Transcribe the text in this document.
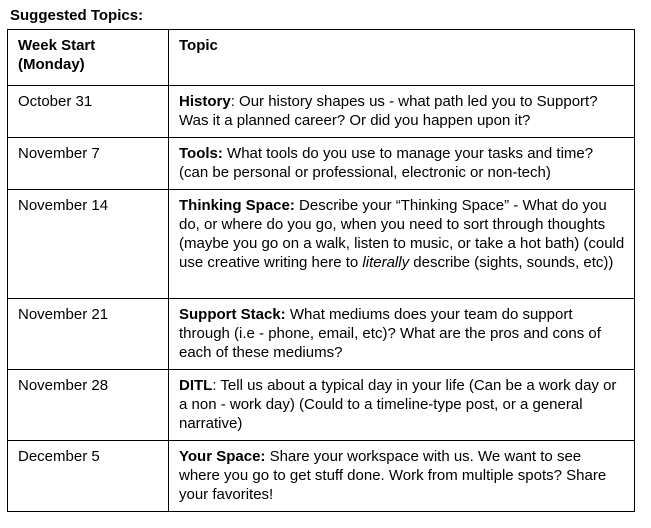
Suggested Topics:
Week Start
(Monday)	Topic
October 31	History: Our history shapes us - what path led you to Support? Was it a planned career? Or did you happen upon it?
November 7	Tools: What tools do you use to manage your tasks and time? (can be personal or professional, electronic or non-tech)
November 14	Thinking Space: Describe your “Thinking Space” - What do you do, or where do you go, when you need to sort through thoughts (maybe you go on a walk, listen to music, or take a hot bath) (could use creative writing here to literally describe (sights, sounds, etc))
November 21	Support Stack: What mediums does your team do support through (i.e - phone, email, etc)? What are the pros and cons of each of these mediums?
November 28	DITL: Tell us about a typical day in your life (Can be a work day or a non - work day) (Could to a timeline-type post, or a general narrative)
December 5	Your Space: Share your workspace with us. We want to see where you go to get stuff done. Work from multiple spots? Share your favorites!
